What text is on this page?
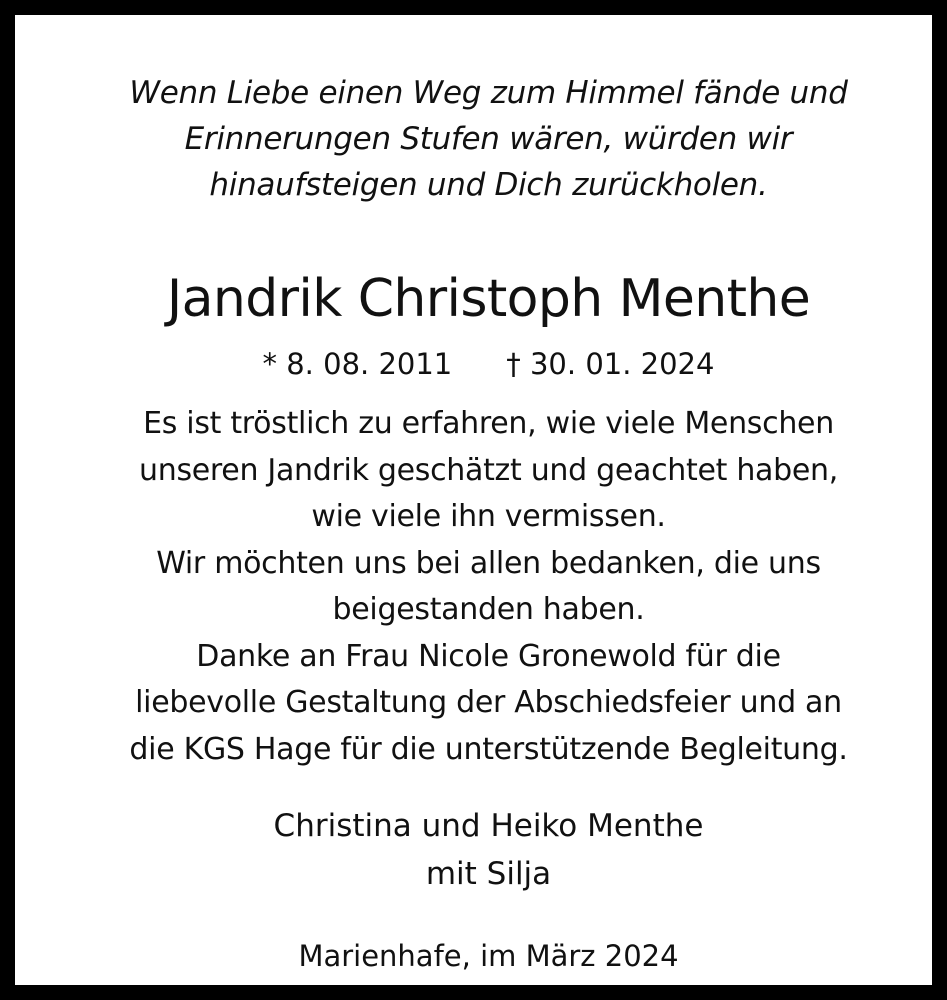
Wenn Liebe einen Weg zum Himmel fände und
Erinnerungen Stufen wären, würden wir
hinaufsteigen und Dich zurückholen.
Jandrik Christoph Menthe
* 8. 08. 2011 † 30. 01. 2024
Es ist tröstlich zu erfahren, wie viele Menschen
unseren Jandrik geschätzt und geachtet haben,
wie viele ihn vermissen.
Wir möchten uns bei allen bedanken, die uns
beigestanden haben.
Danke an Frau Nicole Gronewold für die
liebevolle Gestaltung der Abschiedsfeier und an
die KGS Hage für die unterstützende Begleitung.
Christina und Heiko Menthe
mit Silja
Marienhafe, im März 2024
